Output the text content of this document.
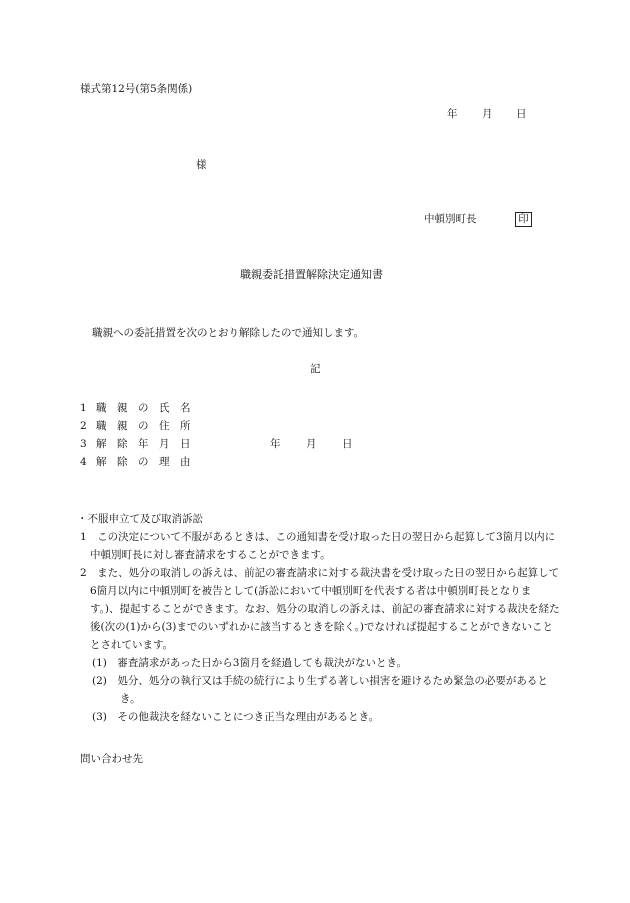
様式第12号(第5条関係)
年 月 日
様
中頓別町長	印
職親委託措置解除決定通知書
職親への委託措置を次のとおり解除したので通知します。
記
1 職　親　の　氏　名
2 職　親　の　住　所
3 解　除　年　月　日	年 月 日
4 解　除　の　理　由

・不服申立て及び取消訴訟

1　この決定について不服があるときは、この通知書を受け取った日の翌日から起算して3箇月以内に中頓別町長に対し審査請求をすることができます。

2　また、処分の取消しの訴えは、前記の審査請求に対する裁決書を受け取った日の翌日から起算して6箇月以内に中頓別町を被告として(訴訟において中頓別町を代表する者は中頓別町長となります。)、提起することができます。なお、処分の取消しの訴えは、前記の審査請求に対する裁決を経た後(次の(1)から(3)までのいずれかに該当するときを除く。)でなければ提起することができないこととされています。

(1)　審査請求があった日から3箇月を経過しても裁決がないとき。

(2)　処分、処分の執行又は手続の続行により生ずる著しい損害を避けるため緊急の必要があるとき。

(3)　その他裁決を経ないことにつき正当な理由があるとき。

問い合わせ先
